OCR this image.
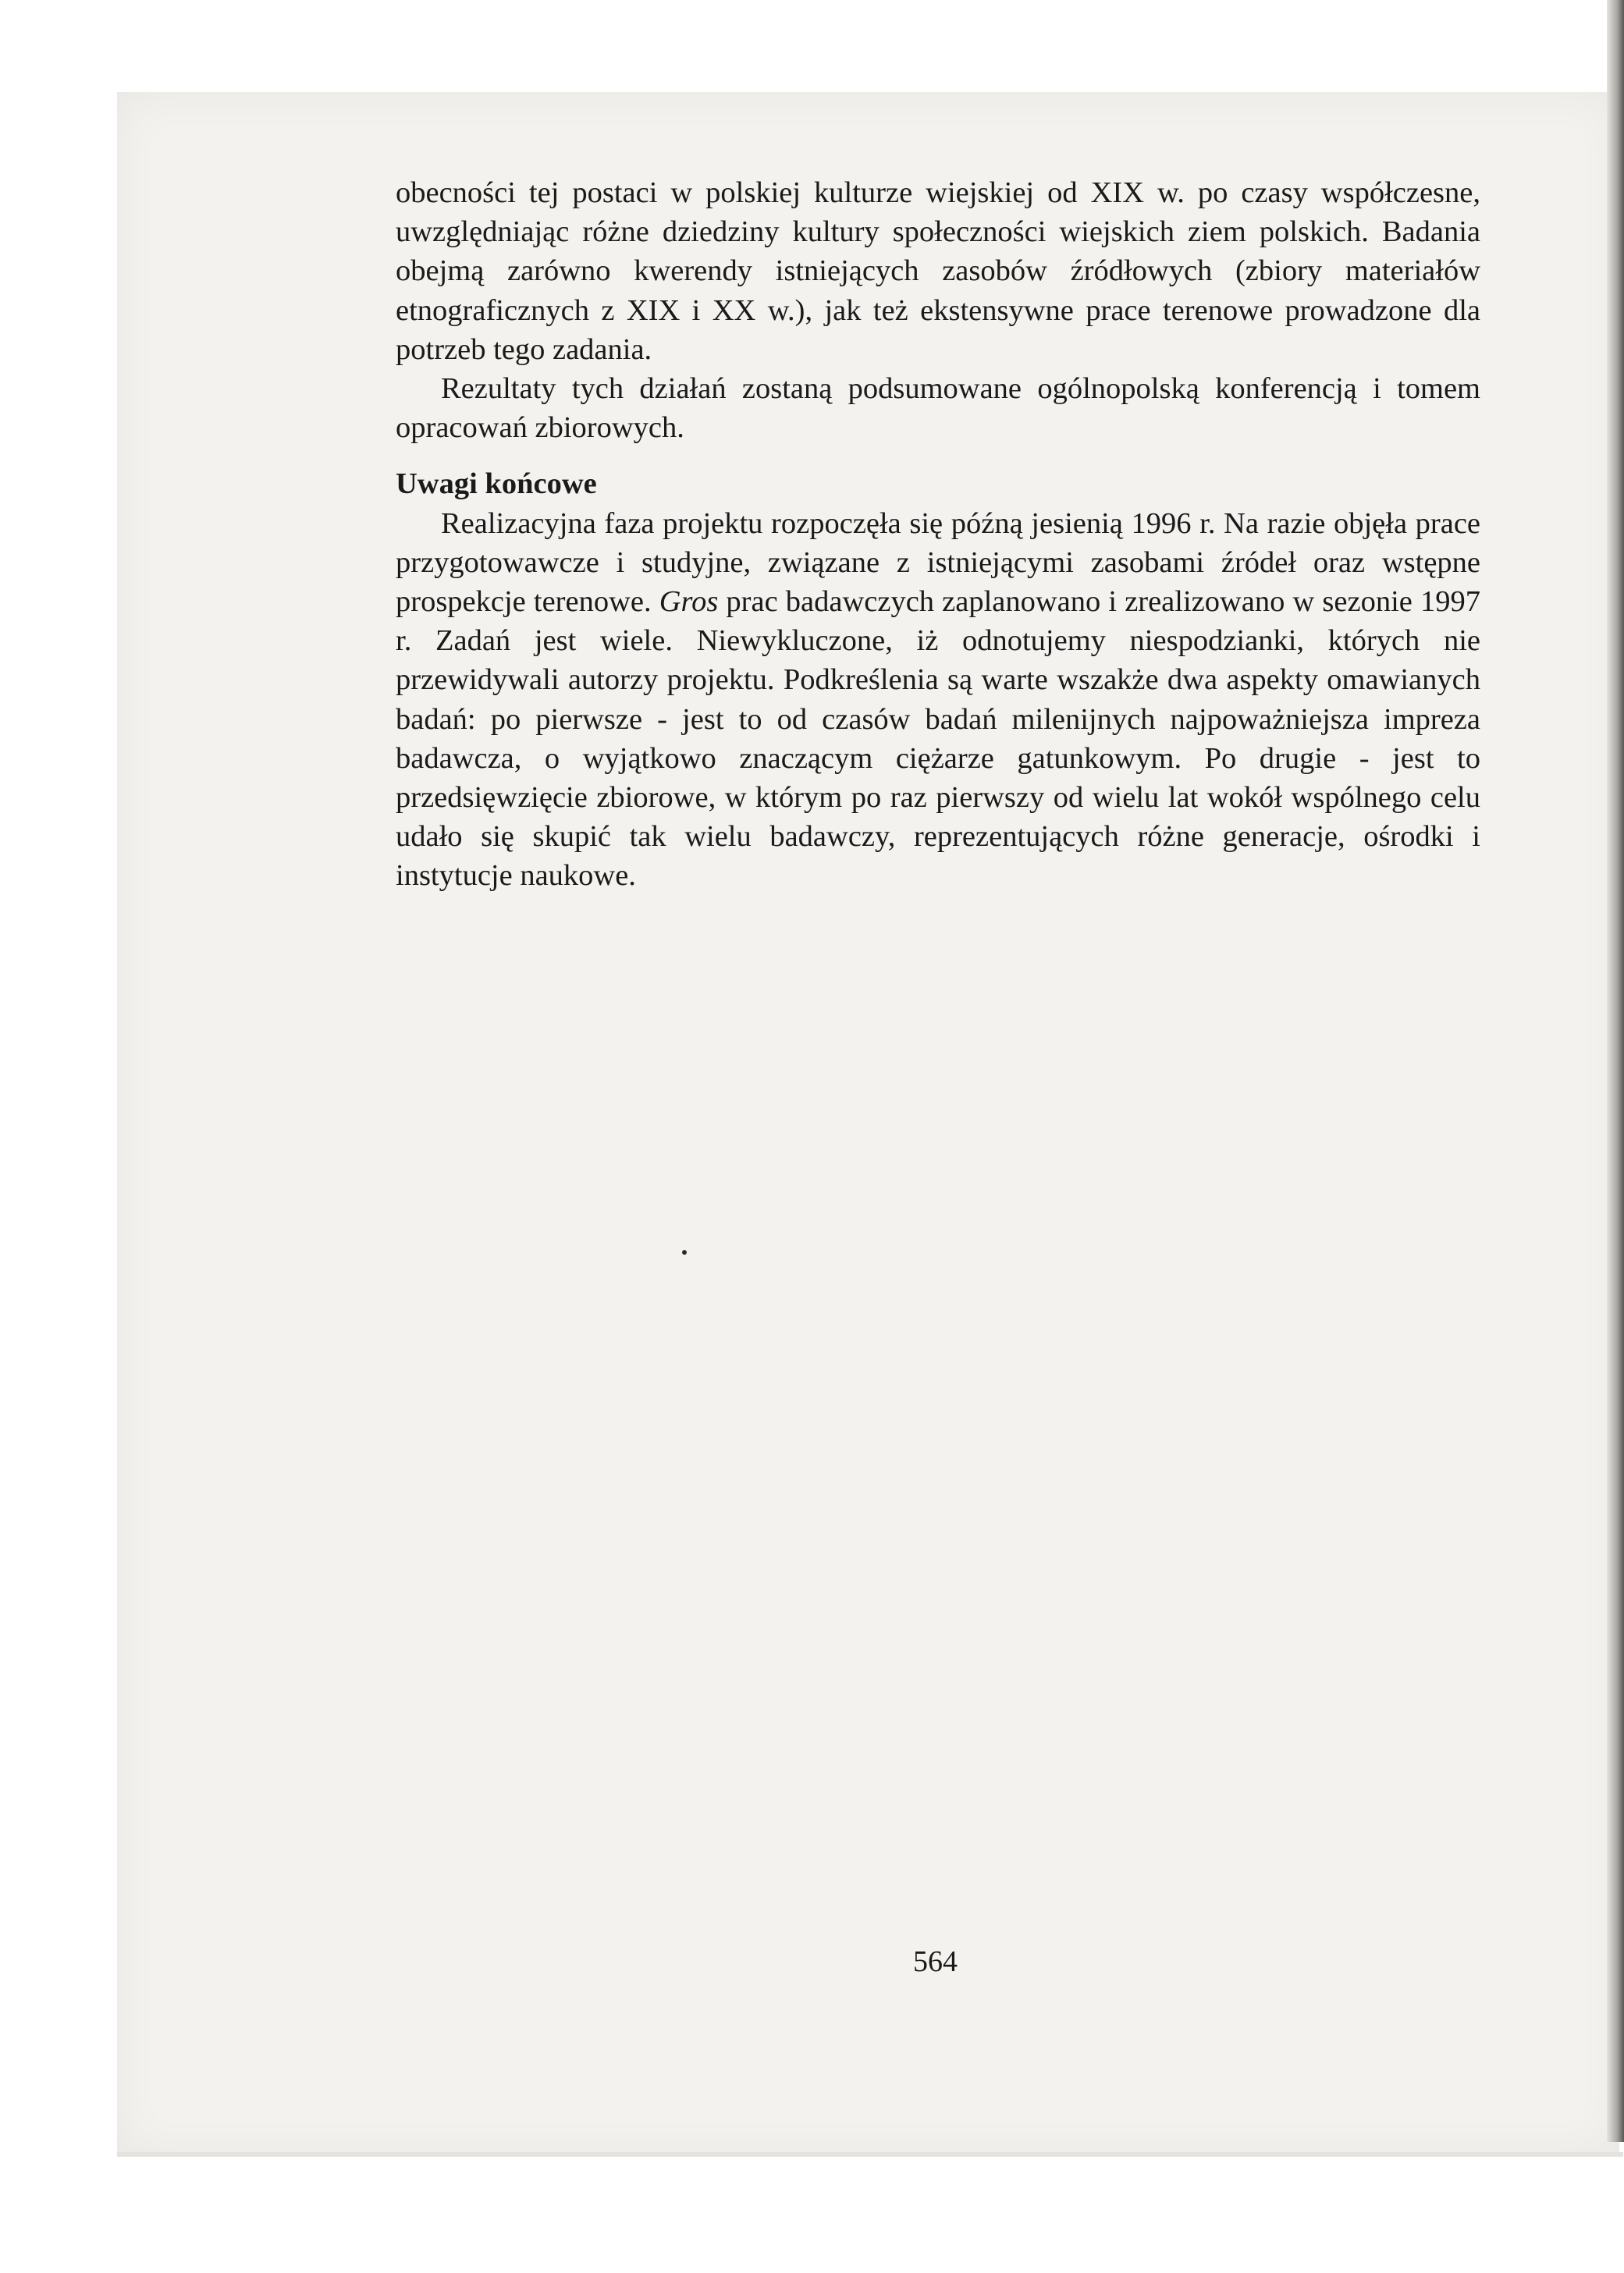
obecności tej postaci w polskiej kulturze wiejskiej od XIX w. po czasy współczesne, uwzględniając różne dziedziny kultury społeczności wiejskich ziem polskich. Badania obejmą zarówno kwerendy istniejących zasobów źródłowych (zbiory materiałów etnograficznych z XIX i XX w.), jak też ekstensywne prace terenowe prowadzone dla potrzeb tego zadania.

Rezultaty tych działań zostaną podsumowane ogólnopolską konferencją i tomem opracowań zbiorowych.

Uwagi końcowe

Realizacyjna faza projektu rozpoczęła się późną jesienią 1996 r. Na razie objęła prace przygotowawcze i studyjne, związane z istniejącymi zasobami źródeł oraz wstępne prospekcje terenowe. Gros prac badawczych zaplanowano i zrealizowano w sezonie 1997 r. Zadań jest wiele. Niewykluczone, iż odnotujemy niespodzianki, których nie przewidywali autorzy projektu. Podkreślenia są warte wszakże dwa aspekty omawianych badań: po pierwsze - jest to od czasów badań milenijnych najpoważniejsza impreza badawcza, o wyjątkowo znaczącym ciężarze gatunkowym. Po drugie - jest to przedsięwzięcie zbiorowe, w którym po raz pierwszy od wielu lat wokół wspólnego celu udało się skupić tak wielu badawczy, reprezentujących różne generacje, ośrodki i instytucje naukowe.

564
